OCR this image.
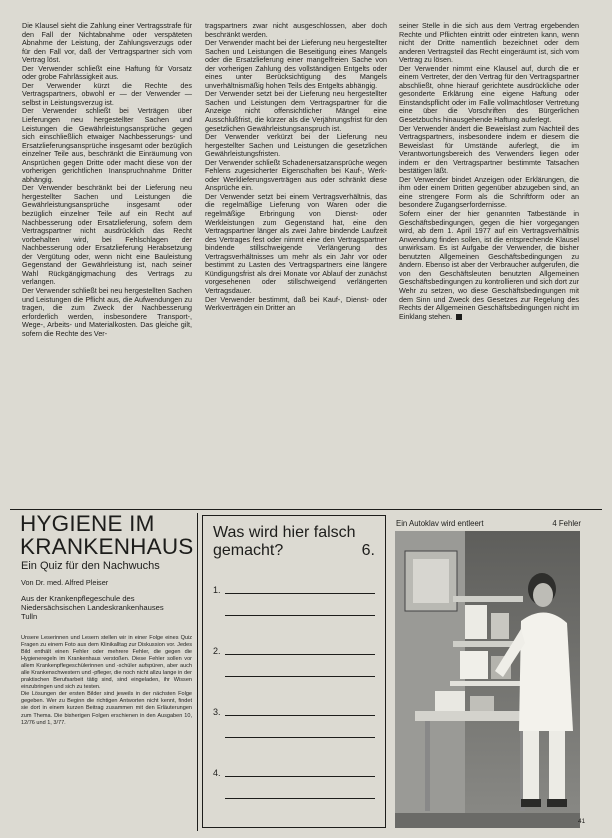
Die Klausel sieht die Zahlung einer Vertragsstrafe für den Fall der Nichtabnahme oder verspäteten Abnahme der Leistung, der Zahlungsverzugs oder für den Fall vor, daß der Vertragspartner sich vom Vertrag löst.

Der Verwender schließt eine Haftung für Vorsatz oder grobe Fahrlässigkeit aus.

Der Verwender kürzt die Rechte des Vertragspartners, obwohl er — der Verwender — selbst in Leistungsverzug ist.

Der Verwender schließt bei Verträgen über Lieferungen neu hergestellter Sachen und Leistungen die Gewährleistungsansprüche gegen sich einschließlich etwaiger Nachbesserungs- und Ersatzlieferungsansprüche insgesamt oder bezüglich einzelner Teile aus, beschränkt die Einräumung von Ansprüchen gegen Dritte oder macht diese von der vorherigen gerichtlichen Inanspruchnahme Dritter abhängig.

Der Verwender beschränkt bei der Lieferung neu hergestellter Sachen und Leistungen die Gewährleistungsansprüche insgesamt oder bezüglich einzelner Teile auf ein Recht auf Nachbesserung oder Ersatzlieferung, sofern dem Vertragspartner nicht ausdrücklich das Recht vorbehalten wird, bei Fehlschlagen der Nachbesserung oder Ersatzlieferung Herabsetzung der Vergütung oder, wenn nicht eine Bauleistung Gegenstand der Gewährleistung ist, nach seiner Wahl Rückgängigmachung des Vertrags zu verlangen.

Der Verwender schließt bei neu hergestellten Sachen und Leistungen die Pflicht aus, die Aufwendungen zu tragen, die zum Zweck der Nachbesserung erforderlich werden, insbesondere Transport-, Wege-, Arbeits- und Materialkosten. Das gleiche gilt, sofern die Rechte des Ver-

tragspartners zwar nicht ausgeschlossen, aber doch beschränkt werden.

Der Verwender macht bei der Lieferung neu hergestellter Sachen und Leistungen die Beseitigung eines Mangels oder die Ersatzlieferung einer mangelfreien Sache von der vorherigen Zahlung des vollständigen Entgelts oder eines unter Berücksichtigung des Mangels unverhältnismäßig hohen Teils des Entgelts abhängig.

Der Verwender setzt bei der Lieferung neu hergestellter Sachen und Leistungen dem Vertragspartner für die Anzeige nicht offensichtlicher Mängel eine Ausschlußfrist, die kürzer als die Verjährungsfrist für den gesetzlichen Gewährleistungsanspruch ist.

Der Verwender verkürzt bei der Lieferung neu hergestellter Sachen und Leistungen die gesetzlichen Gewährleistungsfristen.

Der Verwender schließt Schadenersatzansprüche wegen Fehlens zugesicherter Eigenschaften bei Kauf-, Werk- oder Werklieferungsverträgen aus oder schränkt diese Ansprüche ein.

Der Verwender setzt bei einem Vertragsverhältnis, das die regelmäßige Lieferung von Waren oder die regelmäßige Erbringung von Dienst- oder Werkleistungen zum Gegenstand hat, eine den Vertragspartner länger als zwei Jahre bindende Laufzeit des Vertrages fest oder nimmt eine den Vertragspartner bindende stillschweigende Verlängerung des Vertragsverhältnisses um mehr als ein Jahr vor oder bestimmt zu Lasten des Vertragspartners eine längere Kündigungsfrist als drei Monate vor Ablauf der zunächst vorgesehenen oder stillschweigend verlängerten Vertragsdauer.

Der Verwender bestimmt, daß bei Kauf-, Dienst- oder Werkverträgen ein Dritter an

seiner Stelle in die sich aus dem Vertrag ergebenden Rechte und Pflichten eintritt oder eintreten kann, wenn nicht der Dritte namentlich bezeichnet oder dem anderen Vertragsteil das Recht eingeräumt ist, sich vom Vertrag zu lösen.

Der Verwender nimmt eine Klausel auf, durch die er einem Vertreter, der den Vertrag für den Vertragspartner abschließt, ohne hierauf gerichtete ausdrückliche oder gesonderte Erklärung eine eigene Haftung oder Einstandspflicht oder im Falle vollmachtloser Vertretung eine über die Vorschriften des Bürgerlichen Gesetzbuchs hinausgehende Haftung auferlegt.

Der Verwender ändert die Beweislast zum Nachteil des Vertragspartners, insbesondere indem er diesem die Beweislast für Umstände auferlegt, die im Verantwortungsbereich des Verwenders liegen oder indem er den Vertragspartner bestimmte Tatsachen bestätigen läßt.

Der Verwender bindet Anzeigen oder Erklärungen, die ihm oder einem Dritten gegenüber abzugeben sind, an eine strengere Form als die Schriftform oder an besondere Zugangserfordernisse.

Sofern einer der hier genannten Tatbestände in Geschäftsbedingungen, gegen die hier vorgegangen wird, ab dem 1. April 1977 auf ein Vertragsverhältnis Anwendung finden sollen, ist die entsprechende Klausel unwirksam. Es ist Aufgabe der Verwender, die bisher benutzten Allgemeinen Geschäftsbedingungen zu ändern. Ebenso ist aber der Verbraucher aufgerufen, die von den Geschäftsleuten benutzten Allgemeinen Geschäftsbedingungen zu kontrollieren und sich dort zur Wehr zu setzen, wo diese Geschäftsbedingungen mit dem Sinn und Zweck des Gesetzes zur Regelung des Rechts der Allgemeinen Geschäftsbedingungen nicht im Einklang stehen.

HYGIENE IM
KRANKENHAUS

Ein Quiz für den Nachwuchs

Von Dr. med. Alfred Pleiser

Aus der Krankenpflegeschule des Niedersächsischen Landeskrankenhauses Tulln

Unsere Leserinnen und Lesern stellen wir in einer Folge eines Quiz Fragen zu einem Foto aus dem Klinikalltag zur Diskussion vor. Jedes Bild enthält einen Fehler oder mehrere Fehler, die gegen die Hygieneregeln im Krankenhaus verstoßen. Diese Fehler sollen vor allem Krankenpflegeschülerinnen und -schüler aufspüren, aber auch alle Krankenschwestern und -pfleger, die noch nicht allzu lange in der praktischen Berufsarbeit tätig sind, sind eingeladen, ihr Wissen einzubringen und sich zu testen.

Die Lösungen der ersten Bilder sind jeweils in der nächsten Folge gegeben. Wer zu Beginn die richtigen Antworten nicht kennt, findet sie dort in einem kurzen Beitrag zusammen mit den Erläuterungen zum Thema. Die bisherigen Folgen erschienen in den Ausgaben 10, 12/76 und 1, 3/77.

Was wird hier falsch
gemacht?	6.
1.
2.
3.
4.
Ein Autoklav wird entleert	4 Fehler
41
